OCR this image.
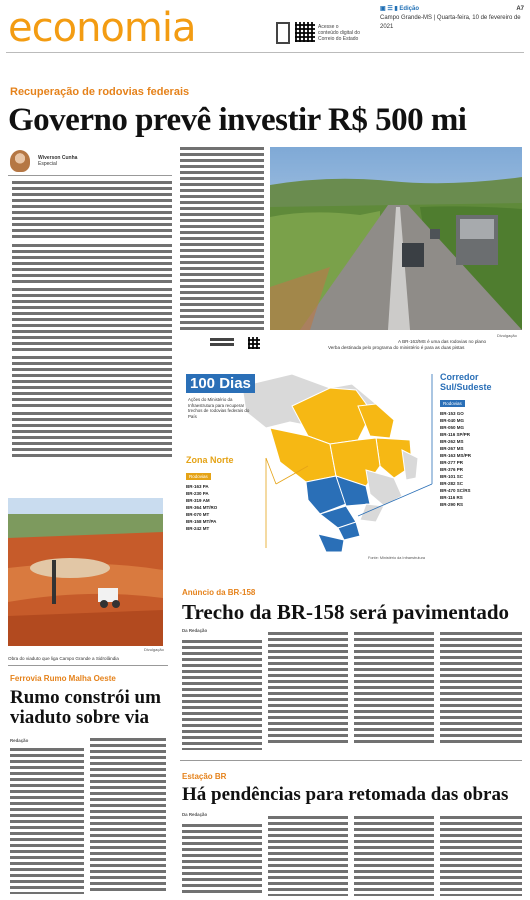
economia	Acesse o conteúdo digital do Correio do Estado
▣ ☰ ▮ Edição
Campo Grande-MS | Quarta-feira, 10 de fevereiro de 2021
A7
Recuperação de rodovias federais
Governo prevê investir R$ 500 mi
Wiverson Cunha
Especial
Divulgação
A BR-163/MS é uma das rodovias no plano
Verba destinada pelo programa do ministério é para as duas pistas
100 Dias
Ações do Ministério da Infraestrutura para recuperar trechos de rodovias federais do País
Zona Norte
Rodovias
BR-163 PA
BR-230 PA
BR-319 AM
BR-364 MT/RO
BR-070 MT
BR-158 MT/PA
BR-242 MT
Corredor
Sul/Sudeste
Rodovias
BR-153 GO
BR-040 MG
BR-050 MG
BR-116 SP/PR
BR-262 MS
BR-267 MS
BR-163 MS/PR
BR-277 PR
BR-376 PR
BR-101 SC
BR-282 SC
BR-470 SC/RS
BR-116 RS
BR-290 RS
Fonte: Ministério da Infraestrutura
Divulgação
Obra do viaduto que liga Campo Grande a Sidrolândia
Ferrovia Rumo Malha Oeste
Rumo constrói um
viaduto sobre via
Redação
Anúncio da BR-158
Trecho da BR-158 será pavimentado
Da Redação
Estação BR
Há pendências para retomada das obras
Da Redação
